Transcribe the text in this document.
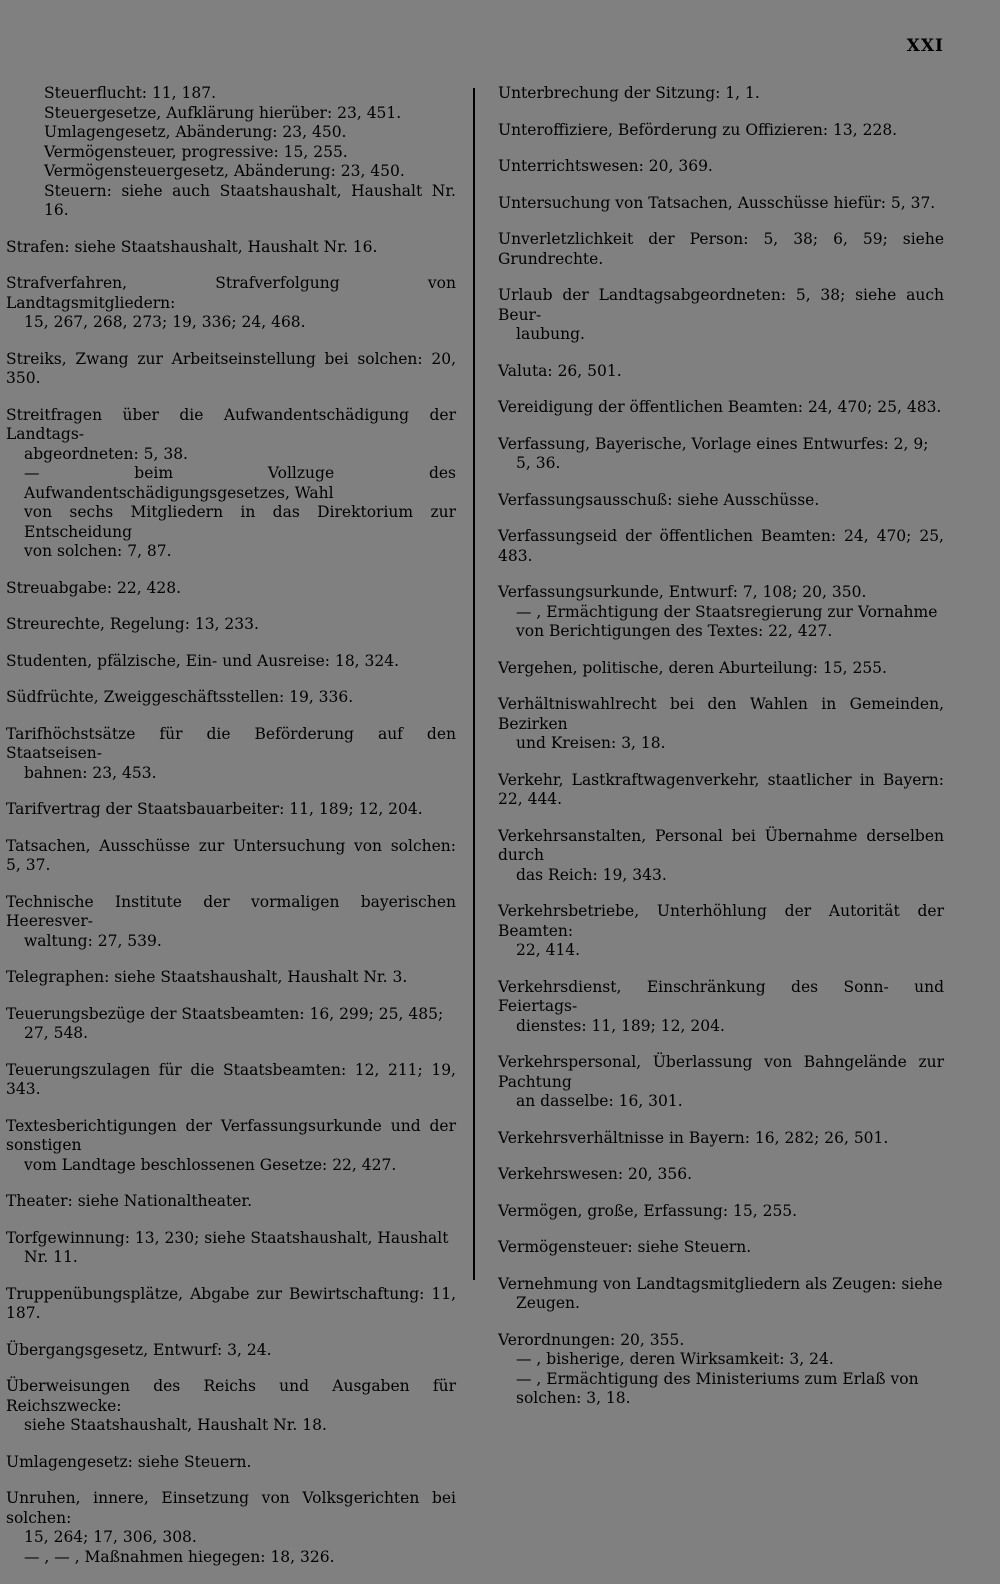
XXI
Steuerflucht: 11, 187.
Steuergesetze, Aufklärung hierüber: 23, 451.
Umlagengesetz, Abänderung: 23, 450.
Vermögensteuer, progressive: 15, 255.
Vermögensteuergesetz, Abänderung: 23, 450.
Steuern: siehe auch Staatshaushalt, Haushalt Nr. 16.
Strafen: siehe Staatshaushalt, Haushalt Nr. 16.
Strafverfahren, Strafverfolgung von Landtagsmitgliedern:
15, 267, 268, 273; 19, 336; 24, 468.
Streiks, Zwang zur Arbeitseinstellung bei solchen: 20, 350.
Streitfragen über die Aufwandentschädigung der Landtags-
abgeordneten: 5, 38.
— beim Vollzuge des Aufwandentschädigungsgesetzes, Wahl
von sechs Mitgliedern in das Direktorium zur Entscheidung
von solchen: 7, 87.
Streuabgabe: 22, 428.
Streurechte, Regelung: 13, 233.
Studenten, pfälzische, Ein- und Ausreise: 18, 324.
Südfrüchte, Zweiggeschäftsstellen: 19, 336.
Tarifhöchstsätze für die Beförderung auf den Staatseisen-
bahnen: 23, 453.
Tarifvertrag der Staatsbauarbeiter: 11, 189; 12, 204.
Tatsachen, Ausschüsse zur Untersuchung von solchen: 5, 37.
Technische Institute der vormaligen bayerischen Heeresver-
waltung: 27, 539.
Telegraphen: siehe Staatshaushalt, Haushalt Nr. 3.
Teuerungsbezüge der Staatsbeamten: 16, 299; 25, 485;
27, 548.
Teuerungszulagen für die Staatsbeamten: 12, 211; 19, 343.
Textesberichtigungen der Verfassungsurkunde und der sonstigen
vom Landtage beschlossenen Gesetze: 22, 427.
Theater: siehe Nationaltheater.
Torfgewinnung: 13, 230; siehe Staatshaushalt, Haushalt
Nr. 11.
Truppenübungsplätze, Abgabe zur Bewirtschaftung: 11, 187.
Übergangsgesetz, Entwurf: 3, 24.
Überweisungen des Reichs und Ausgaben für Reichszwecke:
siehe Staatshaushalt, Haushalt Nr. 18.
Umlagengesetz: siehe Steuern.
Unruhen, innere, Einsetzung von Volksgerichten bei solchen:
15, 264; 17, 306, 308.
— , — , Maßnahmen hiegegen: 18, 326.
Unterbrechung der Sitzung: 1, 1.
Unteroffiziere, Beförderung zu Offizieren: 13, 228.
Unterrichtswesen: 20, 369.
Untersuchung von Tatsachen, Ausschüsse hiefür: 5, 37.
Unverletzlichkeit der Person: 5, 38; 6, 59; siehe Grundrechte.
Urlaub der Landtagsabgeordneten: 5, 38; siehe auch Beur-
laubung.
Valuta: 26, 501.
Vereidigung der öffentlichen Beamten: 24, 470; 25, 483.
Verfassung, Bayerische, Vorlage eines Entwurfes: 2, 9;
5, 36.
Verfassungsausschuß: siehe Ausschüsse.
Verfassungseid der öffentlichen Beamten: 24, 470; 25, 483.
Verfassungsurkunde, Entwurf: 7, 108; 20, 350.
— , Ermächtigung der Staatsregierung zur Vornahme
von Berichtigungen des Textes: 22, 427.
Vergehen, politische, deren Aburteilung: 15, 255.
Verhältniswahlrecht bei den Wahlen in Gemeinden, Bezirken
und Kreisen: 3, 18.
Verkehr, Lastkraftwagenverkehr, staatlicher in Bayern: 22, 444.
Verkehrsanstalten, Personal bei Übernahme derselben durch
das Reich: 19, 343.
Verkehrsbetriebe, Unterhöhlung der Autorität der Beamten:
22, 414.
Verkehrsdienst, Einschränkung des Sonn- und Feiertags-
dienstes: 11, 189; 12, 204.
Verkehrspersonal, Überlassung von Bahngelände zur Pachtung
an dasselbe: 16, 301.
Verkehrsverhältnisse in Bayern: 16, 282; 26, 501.
Verkehrswesen: 20, 356.
Vermögen, große, Erfassung: 15, 255.
Vermögensteuer: siehe Steuern.
Vernehmung von Landtagsmitgliedern als Zeugen: siehe
Zeugen.
Verordnungen: 20, 355.
— , bisherige, deren Wirksamkeit: 3, 24.
— , Ermächtigung des Ministeriums zum Erlaß von
solchen: 3, 18.
